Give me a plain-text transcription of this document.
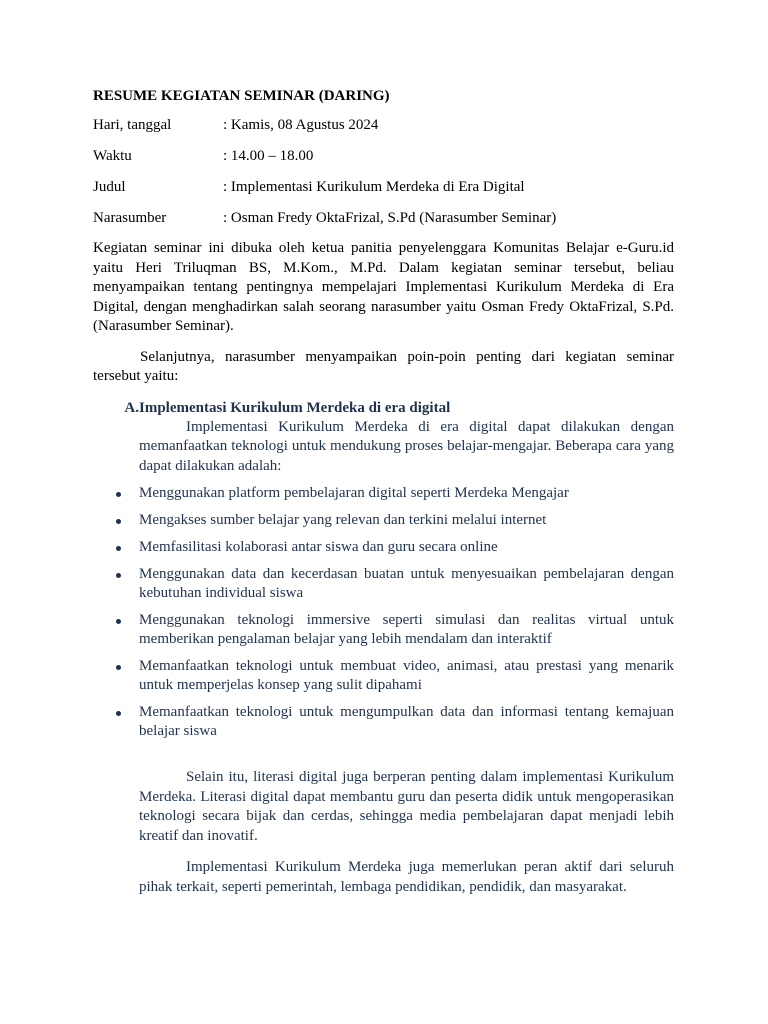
RESUME KEGIATAN SEMINAR (DARING)
Hari, tanggal	: Kamis, 08 Agustus 2024
Waktu	: 14.00 – 18.00
Judul	: Implementasi Kurikulum Merdeka di Era Digital
Narasumber	: Osman Fredy OktaFrizal, S.Pd (Narasumber Seminar)

Kegiatan seminar ini dibuka oleh ketua panitia penyelenggara Komunitas Belajar e-Guru.id yaitu Heri Triluqman BS, M.Kom., M.Pd. Dalam kegiatan seminar tersebut, beliau menyampaikan tentang pentingnya mempelajari Implementasi Kurikulum Merdeka di Era Digital, dengan menghadirkan salah seorang narasumber yaitu Osman Fredy OktaFrizal, S.Pd. (Narasumber Seminar).

Selanjutnya, narasumber menyampaikan poin-poin penting dari kegiatan seminar tersebut yaitu:

A. Implementasi Kurikulum Merdeka di era digital

Implementasi Kurikulum Merdeka di era digital dapat dilakukan dengan memanfaatkan teknologi untuk mendukung proses belajar-mengajar. Beberapa cara yang dapat dilakukan adalah:

Menggunakan platform pembelajaran digital seperti Merdeka Mengajar
Mengakses sumber belajar yang relevan dan terkini melalui internet
Memfasilitasi kolaborasi antar siswa dan guru secara online
Menggunakan data dan kecerdasan buatan untuk menyesuaikan pembelajaran dengan kebutuhan individual siswa
Menggunakan teknologi immersive seperti simulasi dan realitas virtual untuk memberikan pengalaman belajar yang lebih mendalam dan interaktif
Memanfaatkan teknologi untuk membuat video, animasi, atau prestasi yang menarik untuk memperjelas konsep yang sulit dipahami
Memanfaatkan teknologi untuk mengumpulkan data dan informasi tentang kemajuan belajar siswa

Selain itu, literasi digital juga berperan penting dalam implementasi Kurikulum Merdeka. Literasi digital dapat membantu guru dan peserta didik untuk mengoperasikan teknologi secara bijak dan cerdas, sehingga media pembelajaran dapat menjadi lebih kreatif dan inovatif.

Implementasi Kurikulum Merdeka juga memerlukan peran aktif dari seluruh pihak terkait, seperti pemerintah, lembaga pendidikan, pendidik, dan masyarakat.
